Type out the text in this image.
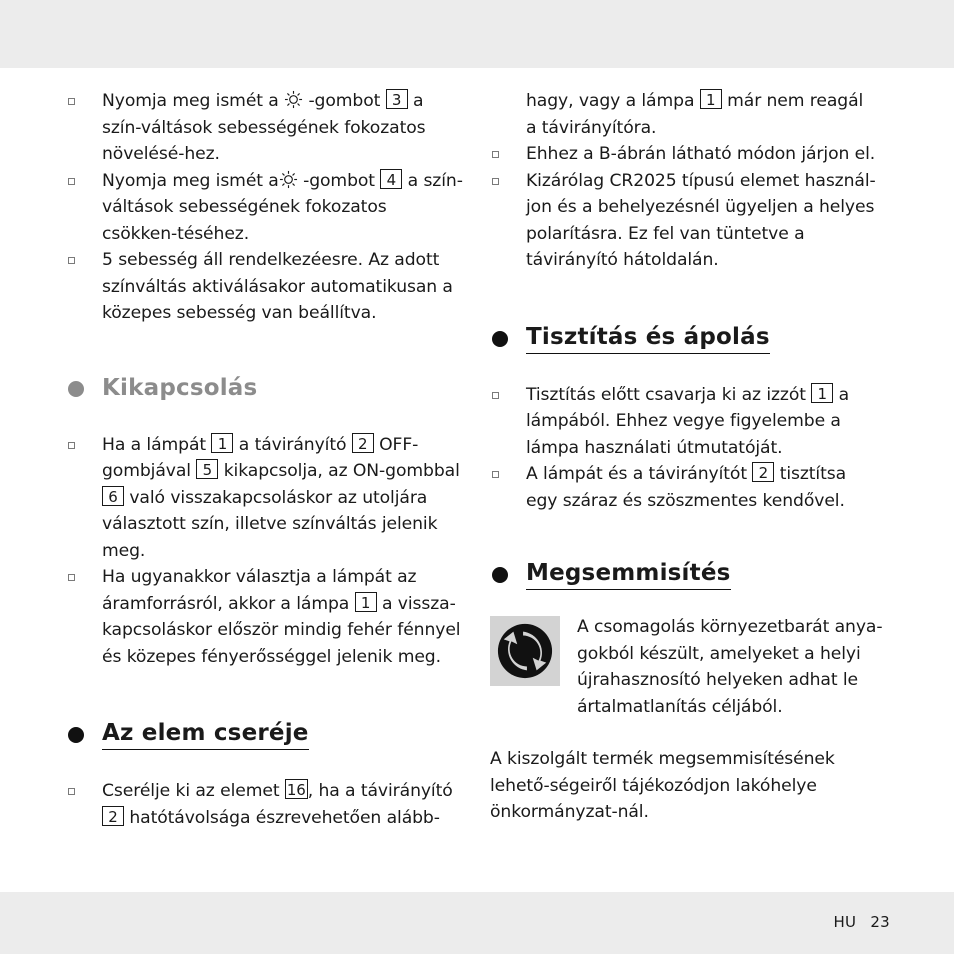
Nyomja meg ismét a  -gombot 3 a szín-váltások sebességének fokozatos növelésé-hez.
Nyomja meg ismét a -gombot 4 a szín-váltások sebességének fokozatos csökken-téséhez.
5 sebesség áll rendelkezéesre. Az adott színváltás aktiválásakor automatikusan a közepes sebesség van beállítva.
Kikapcsolás
Ha a lámpát 1 a távirányító 2 OFF-gombjával 5 kikapcsolja, az ON-gombbal 6 való visszakapcsoláskor az utoljára választott szín, illetve színváltás jelenik meg.
Ha ugyanakkor választja a lámpát az áramforrásról, akkor a lámpa 1 a vissza-kapcsoláskor először mindig fehér fénnyel és közepes fényerősséggel jelenik meg.
Az elem cseréje
Cserélje ki az elemet 16 , ha a távirányító 2 hatótávolsága észrevehetően alább-
hagy, vagy a lámpa 1 már nem reagál a távirányítóra.
Ehhez a B-ábrán látható módon járjon el.
Kizárólag CR2025 típusú elemet használ-jon és a behelyezésnél ügyeljen a helyes polarításra. Ez fel van tüntetve a távirányító hátoldalán.
Tisztítás és ápolás
Tisztítás előtt csavarja ki az izzót 1 a lámpából. Ehhez vegye figyelembe a lámpa használati útmutatóját.
A lámpát és a távirányítót 2 tisztítsa egy száraz és szöszmentes kendővel.
Megsemmisítés
A csomagolás környezetbarát anya-gokból készült, amelyeket a helyi újrahasznosító helyeken adhat le ártalmatlanítás céljából.
A kiszolgált termék megsemmisítésének lehető-ségeiről tájékozódjon lakóhelye önkormányzat-nál.
HU 23
